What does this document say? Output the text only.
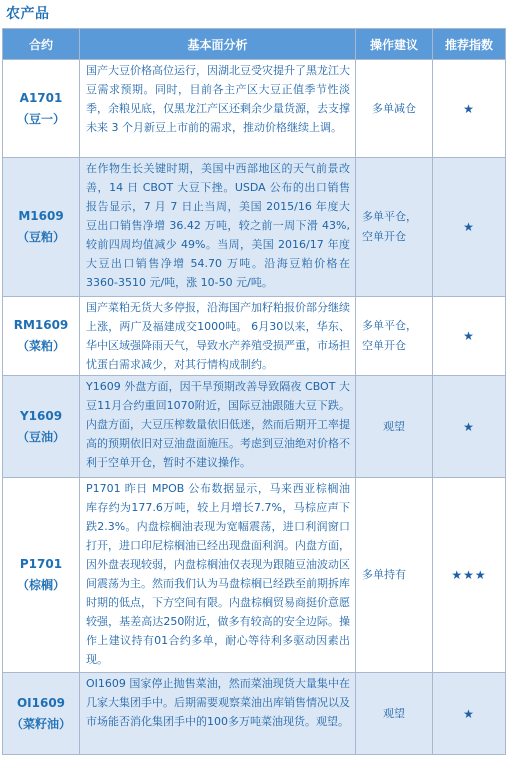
农产品
合约	基本面分析	操作建议	推荐指数

A1701
（豆一）	国产大豆价格高位运行，因湖北豆受灾提升了黑龙江大豆需求预期。同时，目前各主产区大豆正值季节性淡季，余粮见底，仅黑龙江产区还剩余少量货源，去支撑未来 3 个月新豆上市前的需求，推动价格继续上调。	多单减仓	★

M1609
（豆粕）	在作物生长关键时期，美国中西部地区的天气前景改善，14 日 CBOT 大豆下挫。USDA 公布的出口销售报告显示，7 月 7 日止当周，美国 2015/16 年度大豆出口销售净增 36.42 万吨，较之前一周下滑 43%,较前四周均值减少 49%。当周，美国 2016/17 年度大豆出口销售净增 54.70 万吨。沿海豆粕价格在 3360-3510 元/吨，涨 10-50 元/吨。	多单平仓，空单开仓	★

RM1609
（菜粕）	国产菜粕无货大多停报，沿海国产加籽粕报价部分继续上涨，两广及福建成交1000吨。 6月30以来，华东、华中区域强降雨天气，导致水产养殖受损严重，市场担忧蛋白需求减少，对其行情构成制约。	多单平仓，空单开仓	★

Y1609
（豆油）	Y1609 外盘方面，因干旱预期改善导致隔夜 CBOT 大豆11月合约重回1070附近，国际豆油跟随大豆下跌。内盘方面，大豆压榨数量依旧低迷，然而后期开工率提高的预期依旧对豆油盘面施压。考虑到豆油绝对价格不利于空单开仓，暂时不建议操作。	观望	★

P1701
（棕榈）	P1701 昨日 MPOB 公布数据显示，马来西亚棕榈油库存约为177.6万吨，较上月增长7.7%，马棕应声下跌2.3%。内盘棕榈油表现为宽幅震荡，进口利润窗口打开，进口印尼棕榈油已经出现盘面利润。内盘方面，因外盘表现较弱，内盘棕榈油仅表现为跟随豆油波动区间震荡为主。然而我们认为马盘棕榈已经跌至前期拆库时期的低点，下方空间有限。内盘棕榈贸易商挺价意愿较强，基差高达250附近，做多有较高的安全边际。操作上建议持有01合约多单，耐心等待利多驱动因素出现。	多单持有	★★★

OI1609
（菜籽油）	OI1609 国家停止抛售菜油，然而菜油现货大量集中在几家大集团手中。后期需要观察菜油出库销售情况以及市场能否消化集团手中的100多万吨菜油现货。观望。	观望	★
